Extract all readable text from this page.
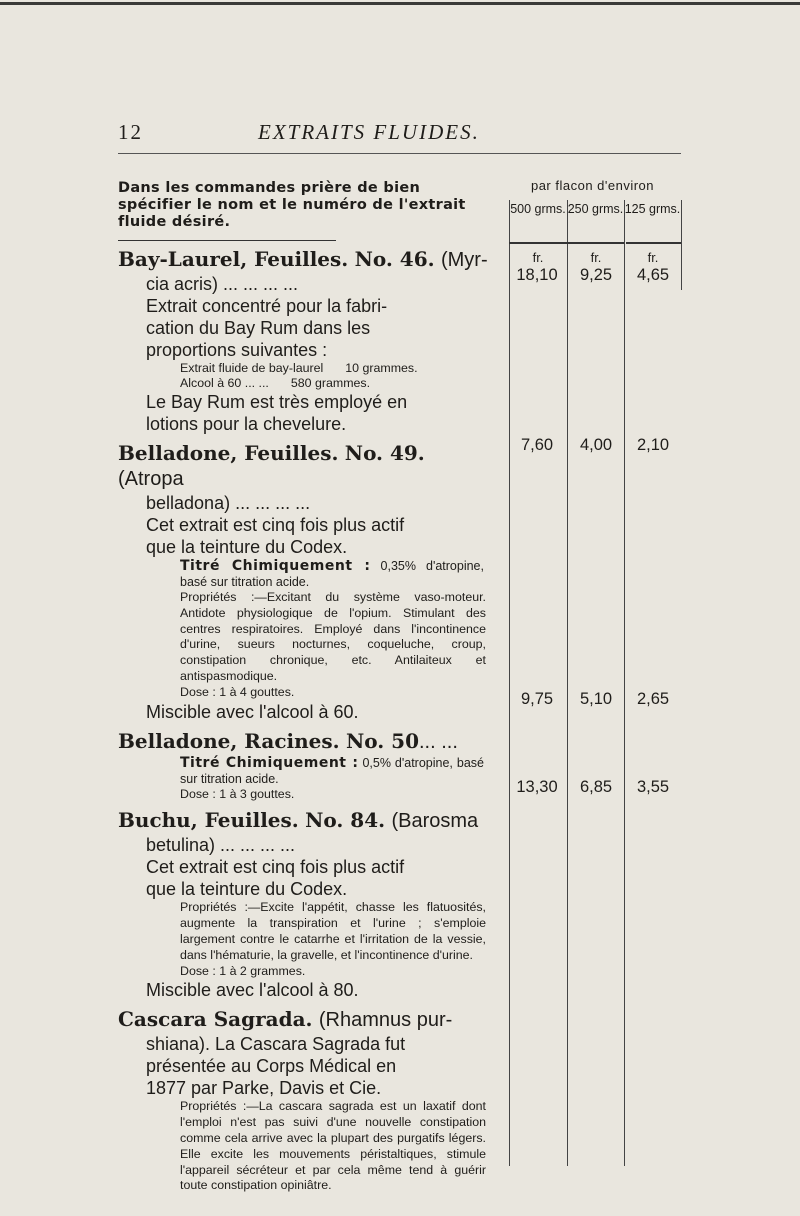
12	EXTRAITS FLUIDES.
Dans les commandes prière de bien spécifier le nom et le numéro de l'extrait fluide désiré.
Bay-Laurel, Feuilles. No. 46. (Myr-
cia acris) ... ... ... ...
Extrait concentré pour la fabri-
cation du Bay Rum dans les
proportions suivantes :
Extrait fluide de bay-laurel 10 grammes.
Alcool à 60 ... ... 580 grammes.
Le Bay Rum est très employé en
lotions pour la chevelure.
Belladone, Feuilles. No. 49. (Atropa
belladona) ... ... ... ...
Cet extrait est cinq fois plus actif
que la teinture du Codex.
Titré Chimiquement : 0,35% d'atropine, basé sur titration acide.
Propriétés :—Excitant du système vaso-moteur. Antidote physiologique de l'opium. Stimulant des centres respiratoires. Employé dans l'incontinence d'urine, sueurs nocturnes, coqueluche, croup, constipation chronique, etc. Antilaiteux et antispasmodique.
Dose : 1 à 4 gouttes.
Miscible avec l'alcool à 60.
Belladone, Racines. No. 50... ...
Titré Chimiquement : 0,5% d'atropine, basé sur titration acide.
Dose : 1 à 3 gouttes.
Buchu, Feuilles. No. 84. (Barosma
betulina) ... ... ... ...
Cet extrait est cinq fois plus actif
que la teinture du Codex.
Propriétés :—Excite l'appétit, chasse les flatuosités, augmente la transpiration et l'urine ; s'emploie largement contre le catarrhe et l'irritation de la vessie, dans l'hématurie, la gravelle, et l'incontinence d'urine.
Dose : 1 à 2 grammes.
Miscible avec l'alcool à 80.
Cascara Sagrada. (Rhamnus pur-
shiana). La Cascara Sagrada fut
présentée au Corps Médical en
1877 par Parke, Davis et Cie.
Propriétés :—La cascara sagrada est un laxatif dont l'emploi n'est pas suivi d'une nouvelle constipation comme cela arrive avec la plupart des purgatifs légers. Elle excite les mouvements péristaltiques, stimule l'appareil sécréteur et par cela même tend à guérir toute constipation opiniâtre.
par flacon d'environ
500 grms. 250 grms. 125 grms.
fr.	fr.	fr.
18,10	9,25	4,65
7,60	4,00	2,10
9,75	5,10	2,65
13,30	6,85	3,55
